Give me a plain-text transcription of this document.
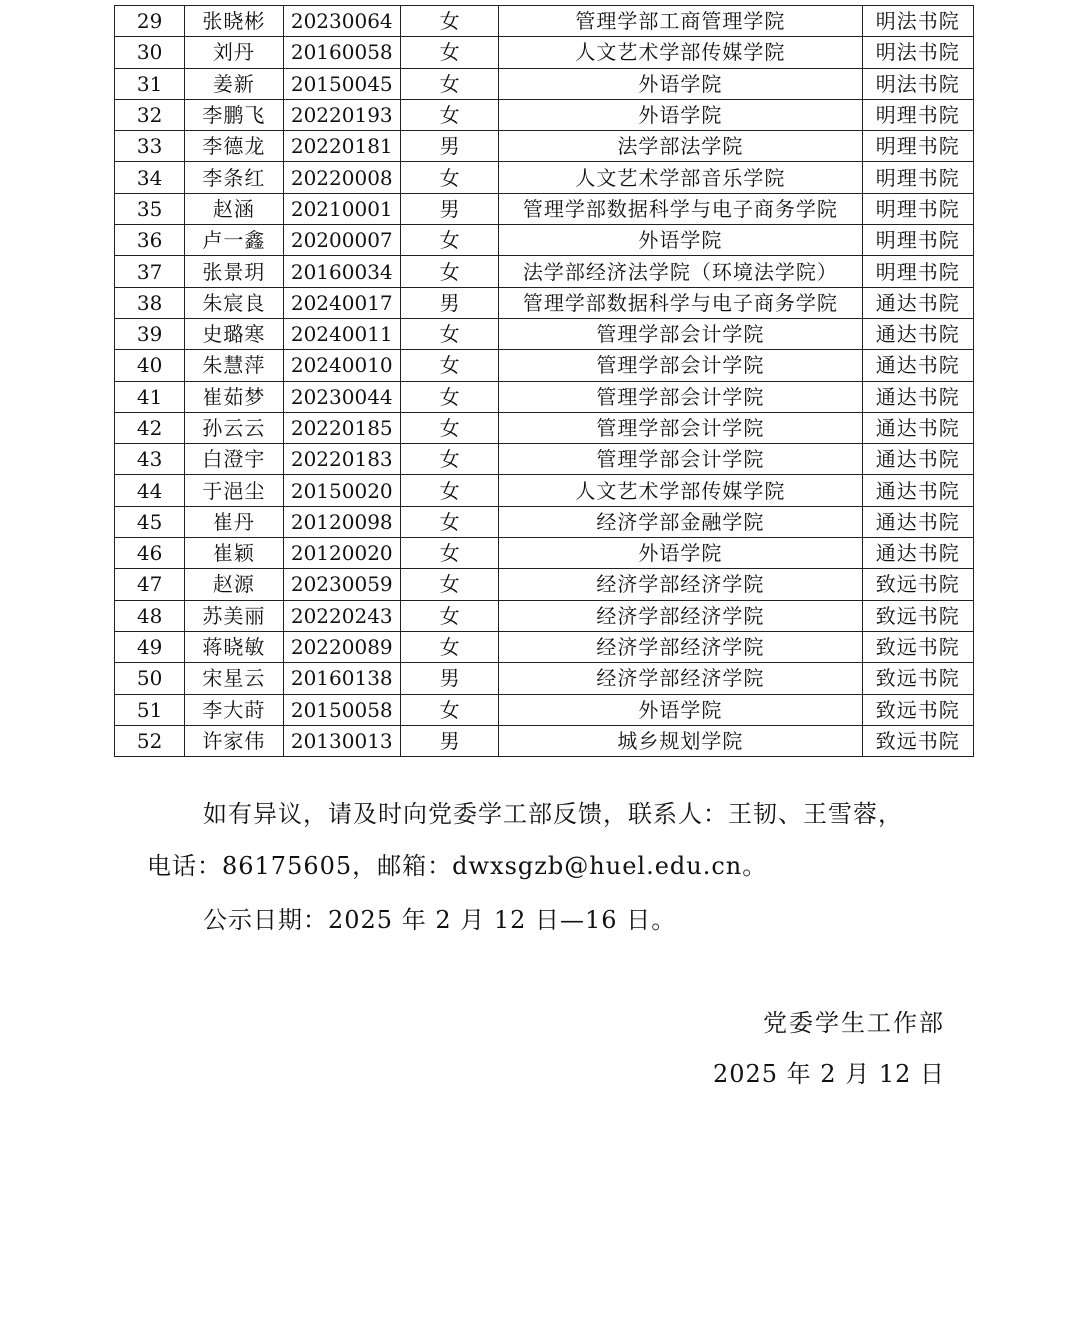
29	张晓彬	20230064	女	管理学部工商管理学院	明法书院
30	刘丹	20160058	女	人文艺术学部传媒学院	明法书院
31	姜新	20150045	女	外语学院	明法书院
32	李鹏飞	20220193	女	外语学院	明理书院
33	李德龙	20220181	男	法学部法学院	明理书院
34	李条红	20220008	女	人文艺术学部音乐学院	明理书院
35	赵涵	20210001	男	管理学部数据科学与电子商务学院	明理书院
36	卢一鑫	20200007	女	外语学院	明理书院
37	张景玥	20160034	女	法学部经济法学院（环境法学院）	明理书院
38	朱宸良	20240017	男	管理学部数据科学与电子商务学院	通达书院
39	史璐寒	20240011	女	管理学部会计学院	通达书院
40	朱慧萍	20240010	女	管理学部会计学院	通达书院
41	崔茹梦	20230044	女	管理学部会计学院	通达书院
42	孙云云	20220185	女	管理学部会计学院	通达书院
43	白澄宇	20220183	女	管理学部会计学院	通达书院
44	于浥尘	20150020	女	人文艺术学部传媒学院	通达书院
45	崔丹	20120098	女	经济学部金融学院	通达书院
46	崔颖	20120020	女	外语学院	通达书院
47	赵源	20230059	女	经济学部经济学院	致远书院
48	苏美丽	20220243	女	经济学部经济学院	致远书院
49	蒋晓敏	20220089	女	经济学部经济学院	致远书院
50	宋星云	20160138	男	经济学部经济学院	致远书院
51	李大莳	20150058	女	外语学院	致远书院
52	许家伟	20130013	男	城乡规划学院	致远书院

如有异议，请及时向党委学工部反馈，联系人：王韧、王雪蓉，

电话：86175605，邮箱：dwxsgzb@huel.edu.cn。

公示日期：2025 年 2 月 12 日—16 日。

党委学生工作部

2025 年 2 月 12 日
